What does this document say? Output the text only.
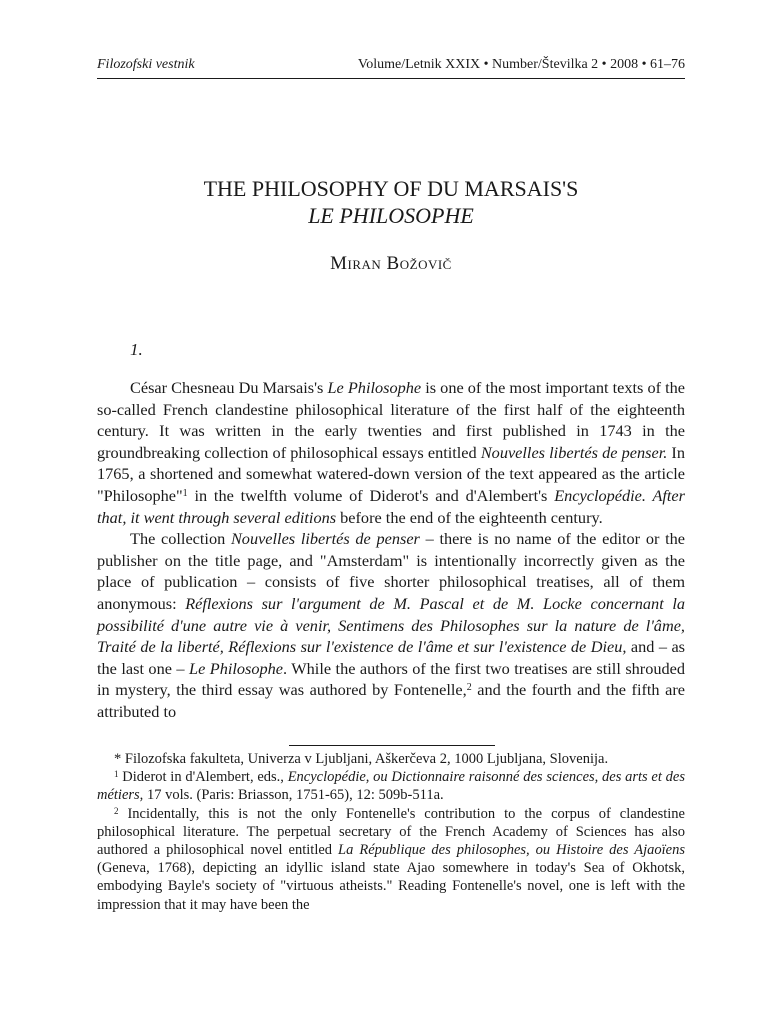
Filozofski vestnik	Volume/Letnik XXIX • Number/Številka 2 • 2008 • 61–76
THE PHILOSOPHY OF DU MARSAIS'S
LE PHILOSOPHE
Miran Božovič
1.

César Chesneau Du Marsais's Le Philosophe is one of the most important texts of the so-called French clandestine philosophical literature of the first half of the eighteenth century. It was written in the early twenties and first published in 1743 in the groundbreaking collection of philosophical essays entitled Nouvelles libertés de penser. In 1765, a shortened and somewhat watered-down version of the text appeared as the article "Philosophe"$^1$ in the twelfth volume of Diderot's and d'Alembert's Encyclopédie. After that, it went through several editions before the end of the eighteenth century.

The collection Nouvelles libertés de penser – there is no name of the editor or the publisher on the title page, and "Amsterdam" is intentionally incorrectly given as the place of publication – consists of five shorter philosophical treatises, all of them anonymous: Réflexions sur l'argument de M. Pascal et de M. Locke concernant la possibilité d'une autre vie à venir, Sentimens des Philosophes sur la nature de l'âme, Traité de la liberté, Réflexions sur l'existence de l'âme et sur l'existence de Dieu, and – as the last one – Le Philosophe. While the authors of the first two treatises are still shrouded in mystery, the third essay was authored by Fontenelle,$^2$ and the fourth and the fifth are attributed to

* Filozofska fakulteta, Univerza v Ljubljani, Aškerčeva 2, 1000 Ljubljana, Slovenija.

$^1$ Diderot in d'Alembert, eds., Encyclopédie, ou Dictionnaire raisonné des sciences, des arts et des métiers, 17 vols. (Paris: Briasson, 1751-65), 12: 509b-511a.

$^2$ Incidentally, this is not the only Fontenelle's contribution to the corpus of clandestine philosophical literature. The perpetual secretary of the French Academy of Sciences has also authored a philosophical novel entitled La République des philosophes, ou Histoire des Ajaoïens (Geneva, 1768), depicting an idyllic island state Ajao somewhere in today's Sea of Okhotsk, embodying Bayle's society of "virtuous atheists." Reading Fontenelle's novel, one is left with the impression that it may have been the
